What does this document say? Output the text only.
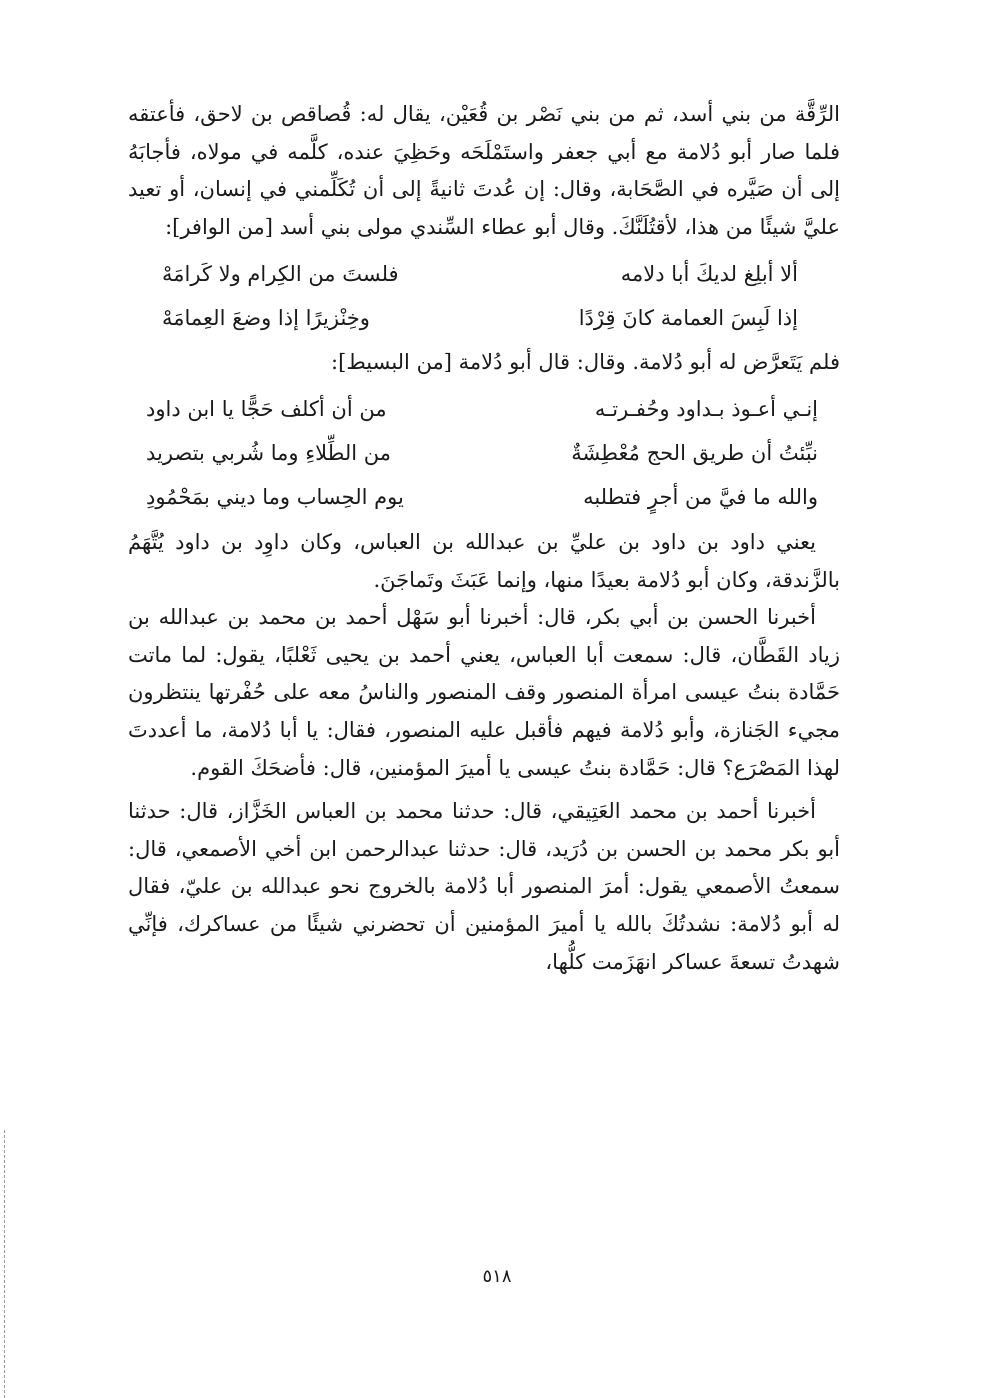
الرِّقَّة من بني أسد، ثم من بني نَصْر بن قُعَيْن، يقال له: قُصاقص بن لاحق، فأعتقه فلما صار أبو دُلامة مع أبي جعفر واستَمْلَحَه وحَظِيَ عنده، كلَّمه في مولاه، فأجابَهُ إلى أن صَيَّره في الصَّحَابة، وقال: إن عُدتَ ثانيةً إلى أن تُكَلِّمني في إنسان، أو تعيد عليَّ شيئًا من هذا، لأقتُلَنَّكَ. وقال أبو عطاء السِّندي مولى بني أسد [من الوافر]:

ألا أبلِغ لديكَ أبا دلامه
فلستَ من الكِرام ولا كَرامَهْ
إذا لَبِسَ العمامة كانَ قِرْدًا
وخِنْزيرًا إذا وضعَ العِمامَهْ

فلم يَتَعرَّض له أبو دُلامة. وقال: قال أبو دُلامة [من البسيط]:

إنـي أعـوذ بـداود وحُفـرتـه
من أن أكلف حَجًّا يا ابن داود
نبِّئتُ أن طريق الحج مُعْطِشَةٌ
من الطِّلاءِ وما شُربي بتصريد
والله ما فيَّ من أجرٍ فتطلبه
يوم الحِساب وما ديني بمَحْمُودِ

يعني داود بن داود بن عليِّ بن عبدالله بن العباس، وكان داوِد بن داود يُتَّهَمُ بالزَّندقة، وكان أبو دُلامة بعيدًا منها، وإنما عَبَثَ وتَماجَنَ.

أخبرنا الحسن بن أبي بكر، قال: أخبرنا أبو سَهْل أحمد بن محمد بن عبدالله بن زياد القَطَّان، قال: سمعت أبا العباس، يعني أحمد بن يحيى ثَعْلبًا، يقول: لما ماتت حَمَّادة بنتُ عيسى امرأة المنصور وقف المنصور والناسُ معه على حُفْرتها ينتظرون مجيء الجَنازة، وأبو دُلامة فيهم فأقبل عليه المنصور، فقال: يا أبا دُلامة، ما أعددتَ لهذا المَصْرَع؟ قال: حَمَّادة بنتُ عيسى يا أميرَ المؤمنين، قال: فأضحَكَ القوم.

أخبرنا أحمد بن محمد العَتِيقي، قال: حدثنا محمد بن العباس الخَزَّاز، قال: حدثنا أبو بكر محمد بن الحسن بن دُرَيد، قال: حدثنا عبدالرحمن ابن أخي الأصمعي، قال: سمعتُ الأصمعي يقول: أمرَ المنصور أبا دُلامة بالخروج نحو عبدالله بن عليّ، فقال له أبو دُلامة: نشدتُكَ بالله يا أميرَ المؤمنين أن تحضرني شيئًا من عساكرك، فإنِّي شهدتُ تسعةَ عساكر انهَزَمت كلُّها،

٥١٨
